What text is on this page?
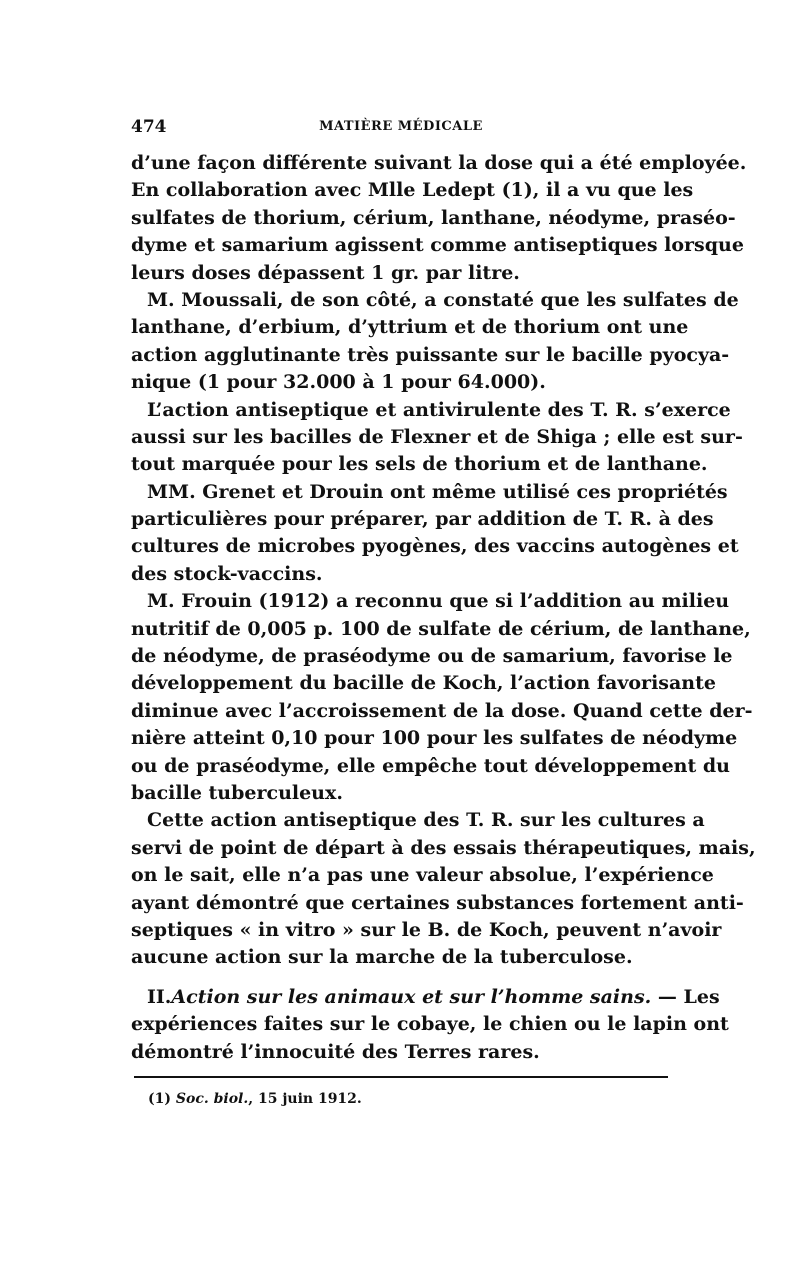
474	MATIÈRE MÉDICALE
d’une façon différente suivant la dose qui a été employée.
En collaboration avec Mlle Ledept (1), il a vu que les
sulfates de thorium, cérium, lanthane, néodyme, praséo-
dyme et samarium agissent comme antiseptiques lorsque
leurs doses dépassent 1 gr. par litre.
M. Moussali, de son côté, a constaté que les sulfates de
lanthane, d’erbium, d’yttrium et de thorium ont une
action agglutinante très puissante sur le bacille pyocya-
nique (1 pour 32.000 à 1 pour 64.000).
L’action antiseptique et antivirulente des T. R. s’exerce
aussi sur les bacilles de Flexner et de Shiga ; elle est sur-
tout marquée pour les sels de thorium et de lanthane.
MM. Grenet et Drouin ont même utilisé ces propriétés
particulières pour préparer, par addition de T. R. à des
cultures de microbes pyogènes, des vaccins autogènes et
des stock-vaccins.
M. Frouin (1912) a reconnu que si l’addition au milieu
nutritif de 0,005 p. 100 de sulfate de cérium, de lanthane,
de néodyme, de praséodyme ou de samarium, favorise le
développement du bacille de Koch, l’action favorisante
diminue avec l’accroissement de la dose. Quand cette der-
nière atteint 0,10 pour 100 pour les sulfates de néodyme
ou de praséodyme, elle empêche tout développement du
bacille tuberculeux.
Cette action antiseptique des T. R. sur les cultures a
servi de point de départ à des essais thérapeutiques, mais,
on le sait, elle n’a pas une valeur absolue, l’expérience
ayant démontré que certaines substances fortement anti-
septiques « in vitro » sur le B. de Koch, peuvent n’avoir
aucune action sur la marche de la tuberculose.
II.Action sur les animaux et sur l’homme sains. — Les
expériences faites sur le cobaye, le chien ou le lapin ont
démontré l’innocuité des Terres rares.
(1) Soc. biol., 15 juin 1912.
